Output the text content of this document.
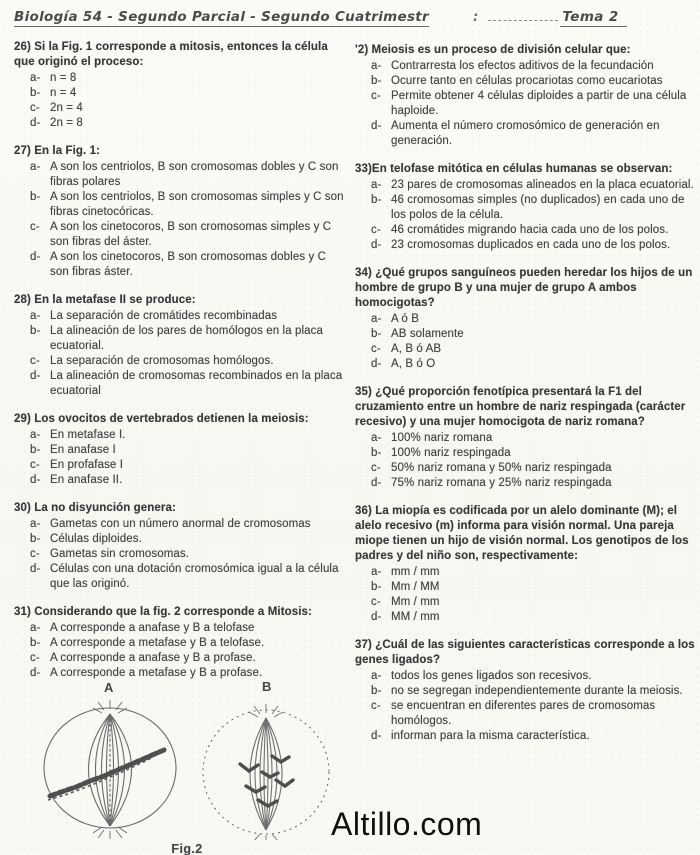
Biología 54 - Segundo Parcial - Segundo Cuatrimestr	:	Tema 2
26) Si la Fig. 1 corresponde a mitosis, entonces la célula que originó el proceso:
a- n = 8
b- n = 4
c- 2n = 4
d- 2n = 8
27) En la Fig. 1:
a- A son los centriolos, B son cromosomas dobles y C son fibras polares
b- A son los centriolos, B son cromosomas simples y C son fibras cinetocóricas.
c- A son los cinetocoros, B son cromosomas simples y C son fibras del áster.
d- A son los cinetocoros, B son cromosomas dobles y C son fibras áster.
28) En la metafase II se produce:
a- La separación de cromátides recombinadas
b- La alineación de los pares de homólogos en la placa ecuatorial.
c- La separación de cromosomas homólogos.
d- La alineación de cromosomas recombinados en la placa ecuatorial
29) Los ovocitos de vertebrados detienen la meiosis:
a- En metafase I.
b- En anafase I
c- En profafase I
d- En anafase II.
30) La no disyunción genera:
a- Gametas con un número anormal de cromosomas
b- Células diploides.
c- Gametas sin cromosomas.
d- Células con una dotación cromosómica igual a la célula que las originó.
31) Considerando que la fig. 2 corresponde a Mitosis:
a- A corresponde a anafase y B a telofase
b- A corresponde a metafase y B a telofase.
c- A corresponde a anafase y B a profase.
d- A corresponde a metafase y B a profase.
'2) Meiosis es un proceso de división celular que:
a- Contrarresta los efectos aditivos de la fecundación
b- Ocurre tanto en células procariotas como eucariotas
c- Permite obtener 4 células diploides a partir de una célula haploide.
d- Aumenta el número cromosómico de generación en generación.
33)En telofase mitótica en células humanas se observan:
a- 23 pares de cromosomas alineados en la placa ecuatorial.
b- 46 cromosomas simples (no duplicados) en cada uno de los polos de la célula.
c- 46 cromátides migrando hacia cada uno de los polos.
d- 23 cromosomas duplicados en cada uno de los polos.
34) ¿Qué grupos sanguíneos pueden heredar los hijos de un hombre de grupo B y una mujer de grupo A ambos homocigotas?
a- A ó B
b- AB solamente
c- A, B ó AB
d- A, B ó O
35) ¿Qué proporción fenotípica presentará la F1 del cruzamiento entre un hombre de nariz respingada (carácter recesivo) y una mujer homocigota de nariz romana?
a- 100% nariz romana
b- 100% nariz respingada
c- 50% nariz romana y 50% nariz respingada
d- 75% nariz romana y 25% nariz respingada
36) La miopía es codificada por un alelo dominante (M); el alelo recesivo (m) informa para visión normal. Una pareja miope tienen un hijo de visión normal. Los genotipos de los padres y del niño son, respectivamente:
a- mm / mm
b- Mm / MM
c- Mm / mm
d- MM / mm
37) ¿Cuál de las siguientes características corresponde a los genes ligados?
a- todos los genes ligados son recesivos.
b- no se segregan independientemente durante la meiosis.
c- se encuentran en diferentes pares de cromosomas homólogos.
d- informan para la misma característica.
A	B
Fig.2
Altillo.com
